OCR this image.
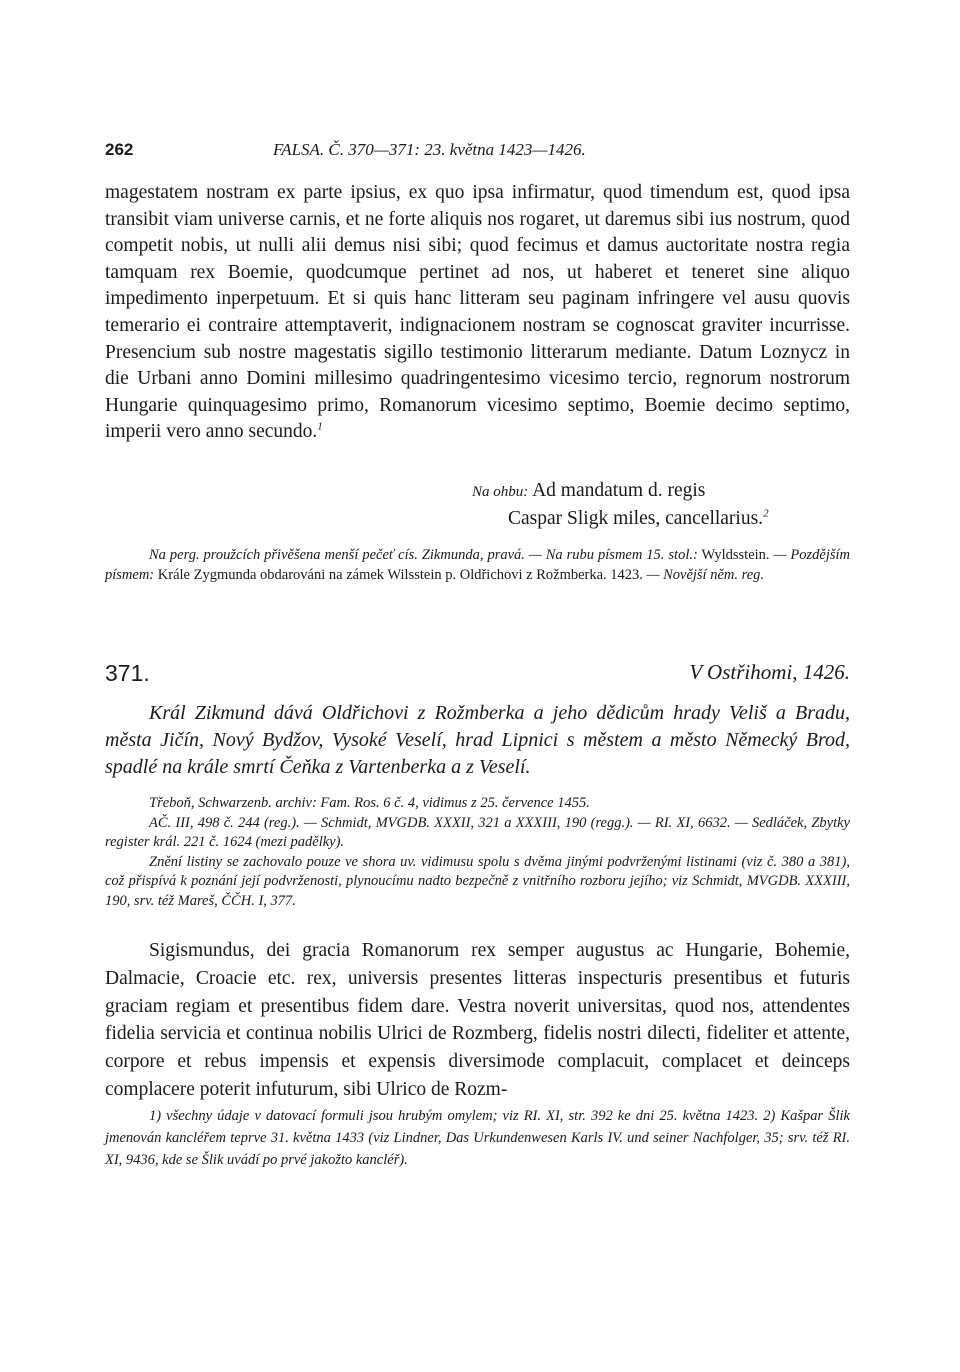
262	FALSA. Č. 370—371: 23. května 1423—1426.

magestatem nostram ex parte ipsius, ex quo ipsa infirmatur, quod timendum est, quod ipsa transibit viam universe carnis, et ne forte aliquis nos rogaret, ut daremus sibi ius nostrum, quod competit nobis, ut nulli alii demus nisi sibi; quod fecimus et damus auctoritate nostra regia tamquam rex Boemie, quodcumque pertinet ad nos, ut haberet et teneret sine aliquo impedimento inperpetuum. Et si quis hanc litteram seu paginam infringere vel ausu quovis temerario ei contraire attemptaverit, indignacionem nostram se cognoscat graviter incurrisse. Presencium sub nostre magestatis sigillo testimonio litterarum mediante. Datum Loznycz in die Urbani anno Domini millesimo quadringentesimo vicesimo tercio, regnorum nostrorum Hungarie quinquagesimo primo, Romanorum vicesimo septimo, Boemie decimo septimo, imperii vero anno secundo.$^1$

Na ohbu: Ad mandatum d. regis
Caspar Sligk miles, cancellarius.$^2$

Na perg. proužcích přivěšena menší pečeť cís. Zikmunda, pravá. — Na rubu písmem 15. stol.: Wyldsstein. — Pozdějším písmem: Krále Zygmunda obdarováni na zámek Wilsstein p. Oldřichovi z Rožmberka. 1423. — Novější něm. reg.

371.	V Ostřihomi, 1426.

Král Zikmund dává Oldřichovi z Rožmberka a jeho dědicům hrady Veliš a Bradu, města Jičín, Nový Bydžov, Vysoké Veselí, hrad Lipnici s městem a město Německý Brod, spadlé na krále smrtí Čeňka z Vartenberka a z Veselí.

Třeboň, Schwarzenb. archiv: Fam. Ros. 6 č. 4, vidimus z 25. července 1455.

AČ. III, 498 č. 244 (reg.). — Schmidt, MVGDB. XXXII, 321 a XXXIII, 190 (regg.). — RI. XI, 6632. — Sedláček, Zbytky register král. 221 č. 1624 (mezi padělky).

Znění listiny se zachovalo pouze ve shora uv. vidimusu spolu s dvěma jinými podvrženými listinami (viz č. 380 a 381), což přispívá k poznání její podvrženosti, plynoucímu nadto bezpečně z vnitřního rozboru jejího; viz Schmidt, MVGDB. XXXIII, 190, srv. též Mareš, ČČH. I, 377.

Sigismundus, dei gracia Romanorum rex semper augustus ac Hungarie, Bohemie, Dalmacie, Croacie etc. rex, universis presentes litteras inspecturis presentibus et futuris graciam regiam et presentibus fidem dare. Vestra noverit universitas, quod nos, attendentes fidelia servicia et continua nobilis Ulrici de Rozmberg, fidelis nostri dilecti, fideliter et attente, corpore et rebus impensis et expensis diversimode complacuit, complacet et deinceps complacere poterit infuturum, sibi Ulrico de Rozm-

1) všechny údaje v datovací formuli jsou hrubým omylem; viz RI. XI, str. 392 ke dni 25. května 1423. 2) Kašpar Šlik jmenován kancléřem teprve 31. května 1433 (viz Lindner, Das Urkundenwesen Karls IV. und seiner Nachfolger, 35; srv. též RI. XI, 9436, kde se Šlik uvádí po prvé jakožto kancléř).
